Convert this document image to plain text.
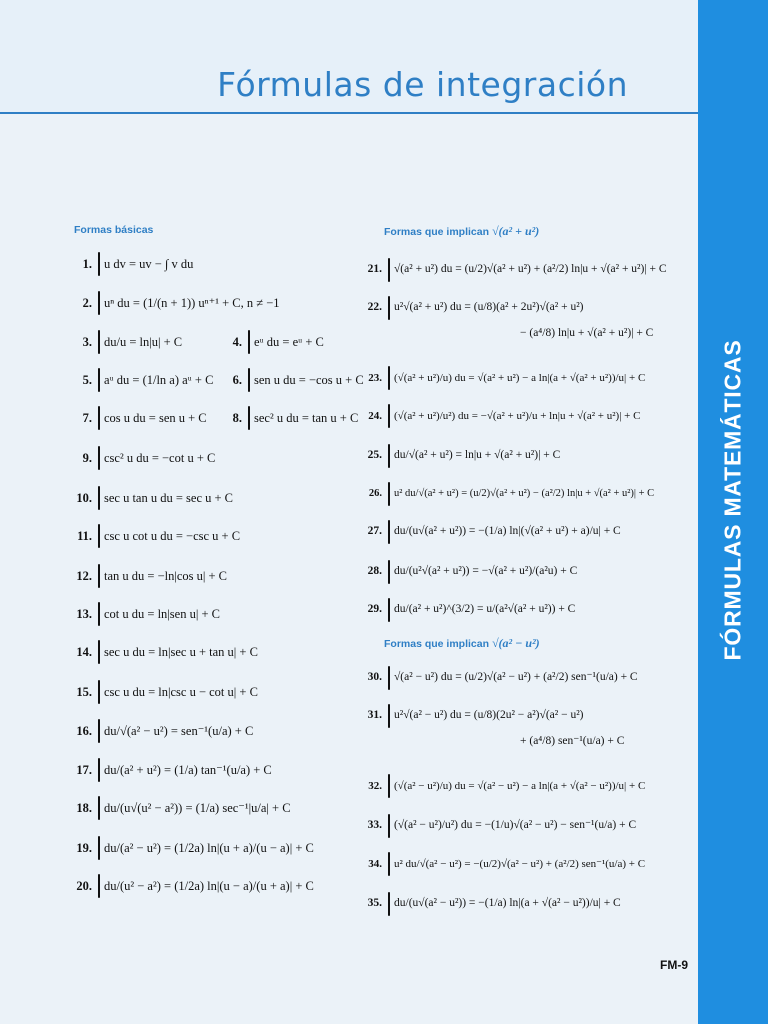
Fórmulas de integración
FÓRMULAS MATEMÁTICAS
Formas básicas	Formas que implican √(a² + u²)
Formas que implican √(a² − u²)
1. u dv = uv − ∫ v du
2. uⁿ du = (1/(n + 1)) uⁿ⁺¹ + C, n ≠ −1
3. du/u = ln|u| + C	4. eᵘ du = eᵘ + C
5. aᵘ du = (1/ln a) aᵘ + C	6. sen u du = −cos u + C
7. cos u du = sen u + C	8. sec² u du = tan u + C
9. csc² u du = −cot u + C
10. sec u tan u du = sec u + C
11. csc u cot u du = −csc u + C
12. tan u du = −ln|cos u| + C
13. cot u du = ln|sen u| + C
14. sec u du = ln|sec u + tan u| + C
15. csc u du = ln|csc u − cot u| + C
16. du/√(a² − u²) = sen⁻¹(u/a) + C
17. du/(a² + u²) = (1/a) tan⁻¹(u/a) + C
18. du/(u√(u² − a²)) = (1/a) sec⁻¹|u/a| + C
19. du/(a² − u²) = (1/2a) ln|(u + a)/(u − a)| + C
20. du/(u² − a²) = (1/2a) ln|(u − a)/(u + a)| + C
21. √(a² + u²) du = (u/2)√(a² + u²) + (a²/2) ln|u + √(a² + u²)| + C
22. u²√(a² + u²) du = (u/8)(a² + 2u²)√(a² + u²)
− (a⁴/8) ln|u + √(a² + u²)| + C
23. (√(a² + u²)/u) du = √(a² + u²) − a ln|(a + √(a² + u²))/u| + C
24. (√(a² + u²)/u²) du = −√(a² + u²)/u + ln|u + √(a² + u²)| + C
25. du/√(a² + u²) = ln|u + √(a² + u²)| + C
26. u² du/√(a² + u²) = (u/2)√(a² + u²) − (a²/2) ln|u + √(a² + u²)| + C
27. du/(u√(a² + u²)) = −(1/a) ln|(√(a² + u²) + a)/u| + C
28. du/(u²√(a² + u²)) = −√(a² + u²)/(a²u) + C
29. du/(a² + u²)^(3/2) = u/(a²√(a² + u²)) + C
30. √(a² − u²) du = (u/2)√(a² − u²) + (a²/2) sen⁻¹(u/a) + C
31. u²√(a² − u²) du = (u/8)(2u² − a²)√(a² − u²)
+ (a⁴/8) sen⁻¹(u/a) + C
32. (√(a² − u²)/u) du = √(a² − u²) − a ln|(a + √(a² − u²))/u| + C
33. (√(a² − u²)/u²) du = −(1/u)√(a² − u²) − sen⁻¹(u/a) + C
34. u² du/√(a² − u²) = −(u/2)√(a² − u²) + (a²/2) sen⁻¹(u/a) + C
35. du/(u√(a² − u²)) = −(1/a) ln|(a + √(a² − u²))/u| + C
FM-9
